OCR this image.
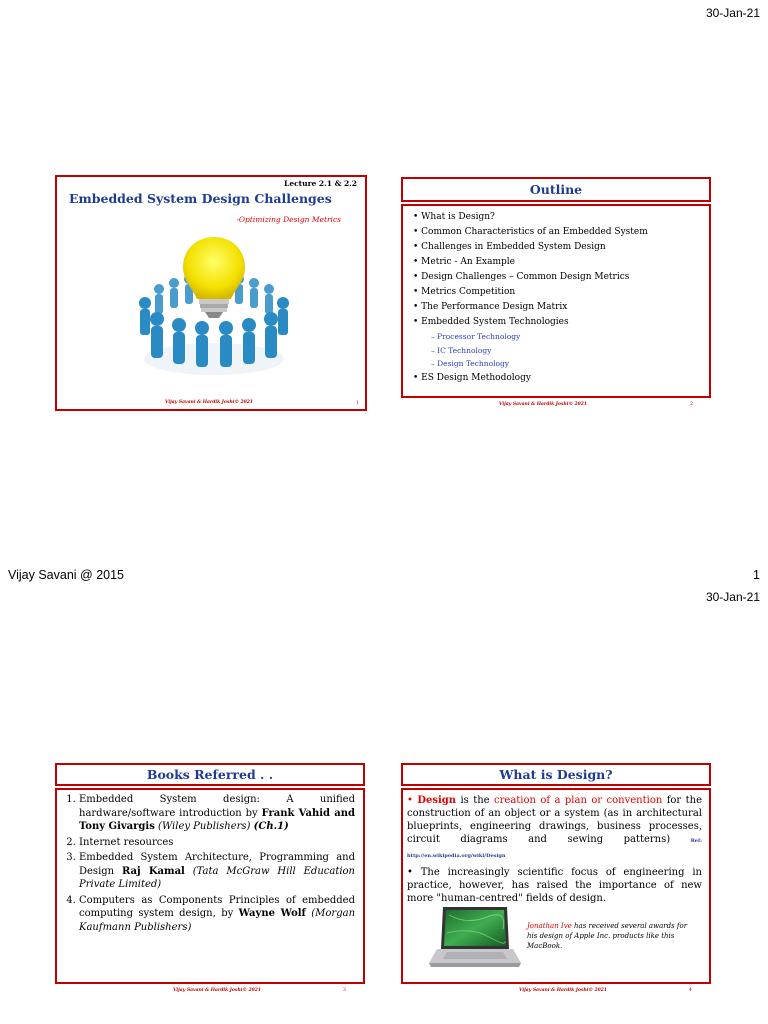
30-Jan-21
Lecture 2.1 & 2.2
Embedded System Design Challenges
-Optimizing Design Metrics
Vijay Savani & Hardik Joshi© 2021	1
Outline
• What is Design?
• Common Characteristics of an Embedded System
• Challenges in Embedded System Design
• Metric - An Example
• Design Challenges – Common Design Metrics
• Metrics Competition
• The Performance Design Matrix
• Embedded System Technologies
– Processor Technology
– IC Technology
– Design Technology
• ES Design Methodology
Vijay Savani & Hardik Joshi© 2021	2
Vijay Savani @ 2015	1
30-Jan-21
Books Referred . .
1. Embedded System design: A unified hardware/software introduction by Frank Vahid and Tony Givargis (Wiley Publishers) (Ch.1)
2. Internet resources
3. Embedded System Architecture, Programming and Design Raj Kamal (Tata McGraw Hill Education Private Limited)
4. Computers as Components Principles of embedded computing system design, by Wayne Wolf (Morgan Kaufmann Publishers)
Vijay Savani & Hardik Joshi© 2021	3
What is Design?

• Design is the creation of a plan or convention for the construction of an object or a system (as in architectural blueprints, engineering drawings, business processes, circuit diagrams and sewing patterns) Ref: http://en.wikipedia.org/wiki/Design

• The increasingly scientific focus of engineering in practice, however, has raised the importance of new more "human-centred" fields of design.

Jonathan Ive has received several awards for his design of Apple Inc. products like this MacBook.
Vijay Savani & Hardik Joshi© 2021	4
